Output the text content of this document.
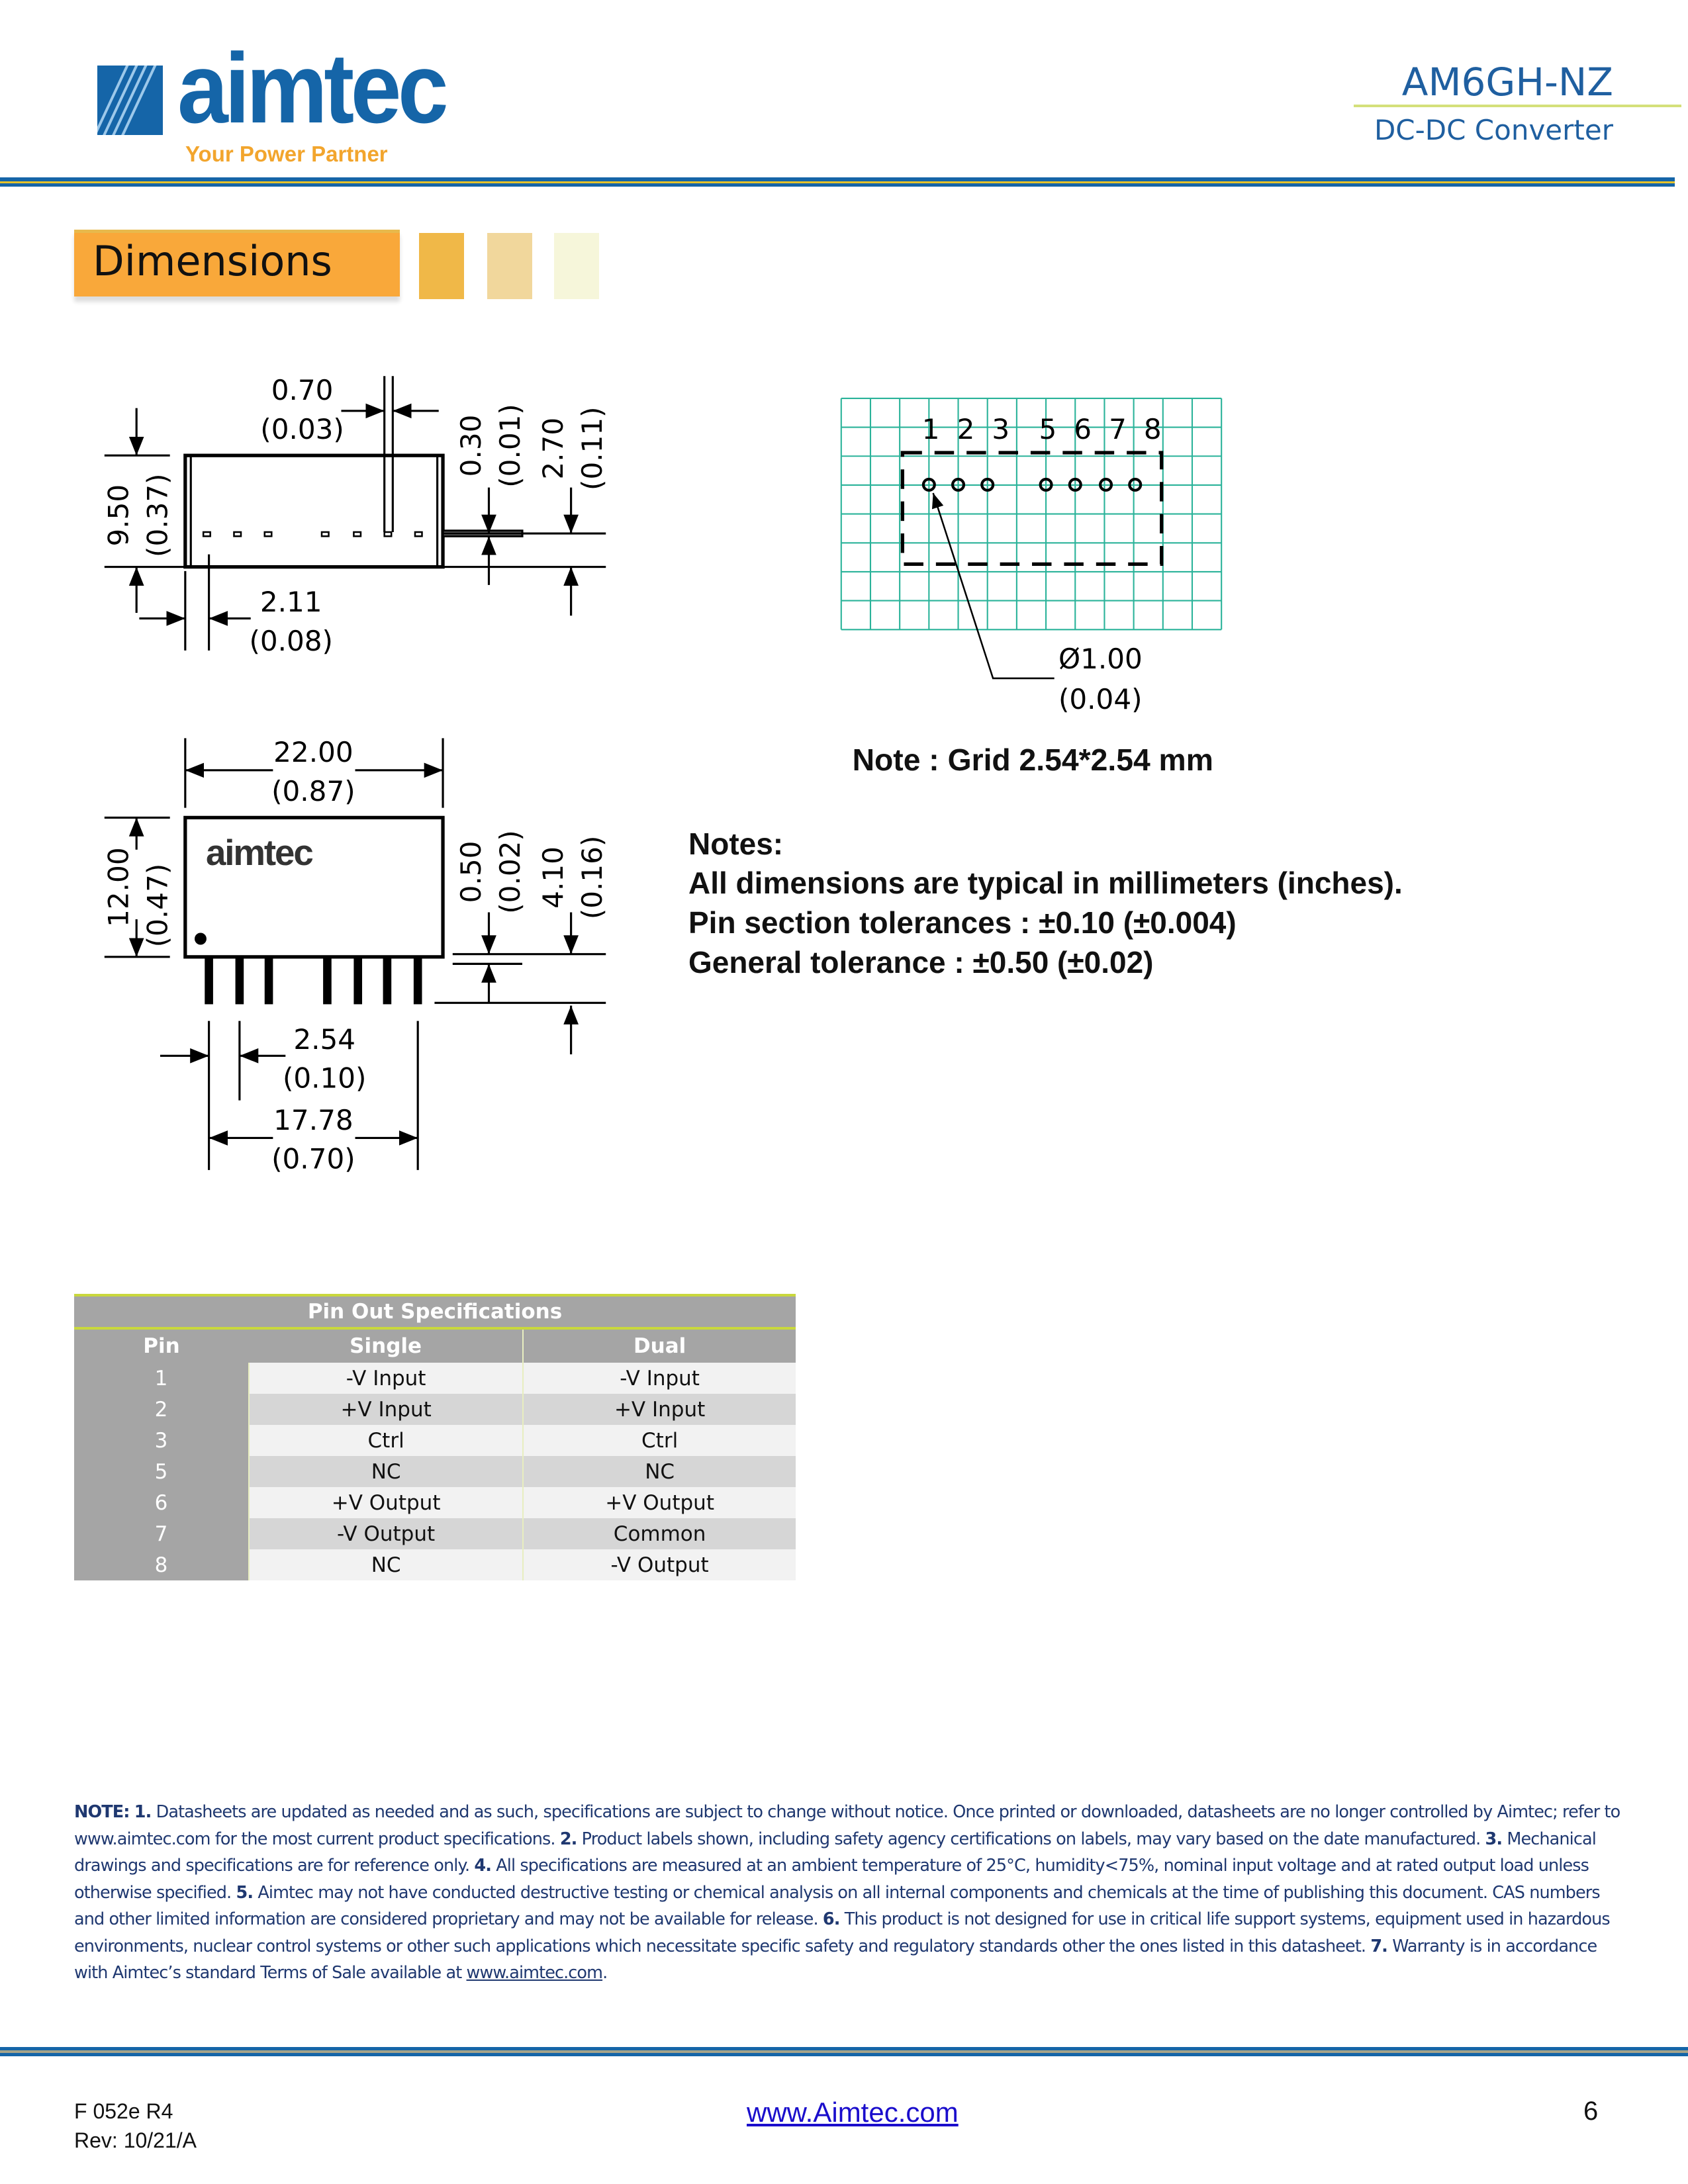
aimtec
Your Power Partner
AM6GH-NZ
DC-DC Converter
Dimensions
0.70
(0.03)
9.50 (0.37)
0.30 (0.01) 2.70 (0.11)
2.11
(0.08)
1 2 3 5 6 7 8
Ø1.00
(0.04)
Note : Grid 2.54*2.54 mm
aimtec
22.00
(0.87)
12.00 (0.47)	0.50 (0.02) 4.10 (0.16)
2.54
(0.10)
17.78
(0.70)
Notes:
All dimensions are typical in millimeters (inches).
Pin section tolerances : ±0.10 (±0.004)
General tolerance : ±0.50 (±0.02)
Pin Out Specifications		
Pin	Single	Dual
1	-V Input	-V Input
2	+V Input	+V Input
3	Ctrl	Ctrl
5	NC	NC
6	+V Output	+V Output
7	-V Output	Common
8	NC	-V Output
NOTE: 1. Datasheets are updated as needed and as such, specifications are subject to change without notice. Once printed or downloaded, datasheets are no longer controlled by Aimtec; refer to www.aimtec.com for the most current product specifications. 2. Product labels shown, including safety agency certifications on labels, may vary based on the date manufactured. 3. Mechanical drawings and specifications are for reference only. 4. All specifications are measured at an ambient temperature of 25°C, humidity<75%, nominal input voltage and at rated output load unless otherwise specified. 5. Aimtec may not have conducted destructive testing or chemical analysis on all internal components and chemicals at the time of publishing this document. CAS numbers and other limited information are considered proprietary and may not be available for release. 6. This product is not designed for use in critical life support systems, equipment used in hazardous environments, nuclear control systems or other such applications which necessitate specific safety and regulatory standards other the ones listed in this datasheet. 7. Warranty is in accordance with Aimtec’s standard Terms of Sale available at www.aimtec.com.
F 052e R4
Rev: 10/21/A
www.Aimtec.com	6
